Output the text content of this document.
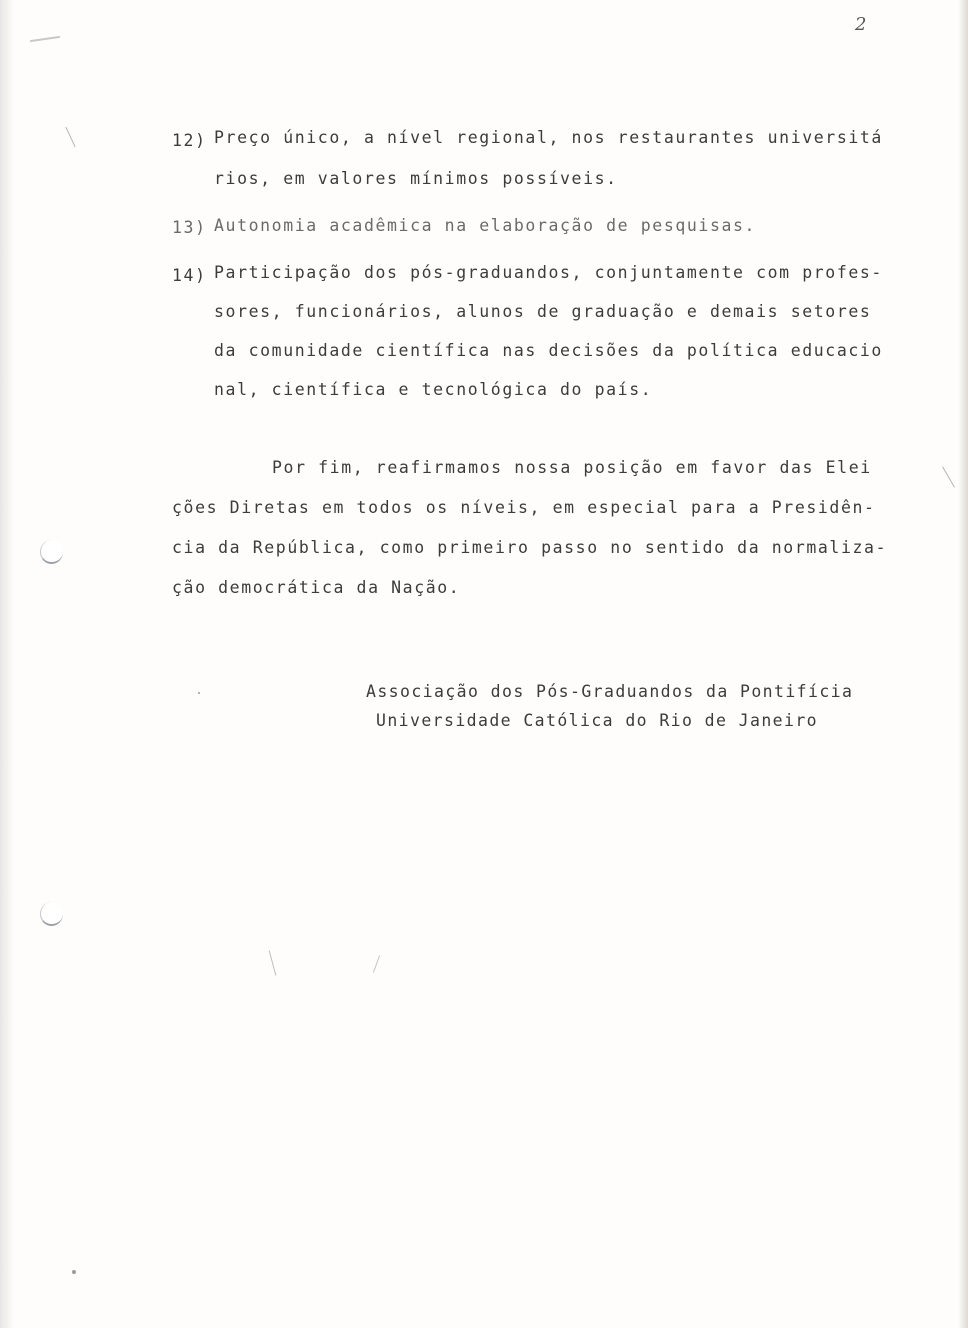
2
12) Preço único, a nível regional, nos restaurantes universitá
rios, em valores mínimos possíveis.
13) Autonomia acadêmica na elaboração de pesquisas.
14) Participação dos pós-graduandos, conjuntamente com profes-
sores, funcionários, alunos de graduação e demais setores
da comunidade científica nas decisões da política educacio
nal, científica e tecnológica do país.
Por fim, reafirmamos nossa posição em favor das Elei
ções Diretas em todos os níveis, em especial para a Presidên-
cia da República, como primeiro passo no sentido da normaliza-
ção democrática da Nação.
Associação dos Pós-Graduandos da Pontifícia
Universidade Católica do Rio de Janeiro
